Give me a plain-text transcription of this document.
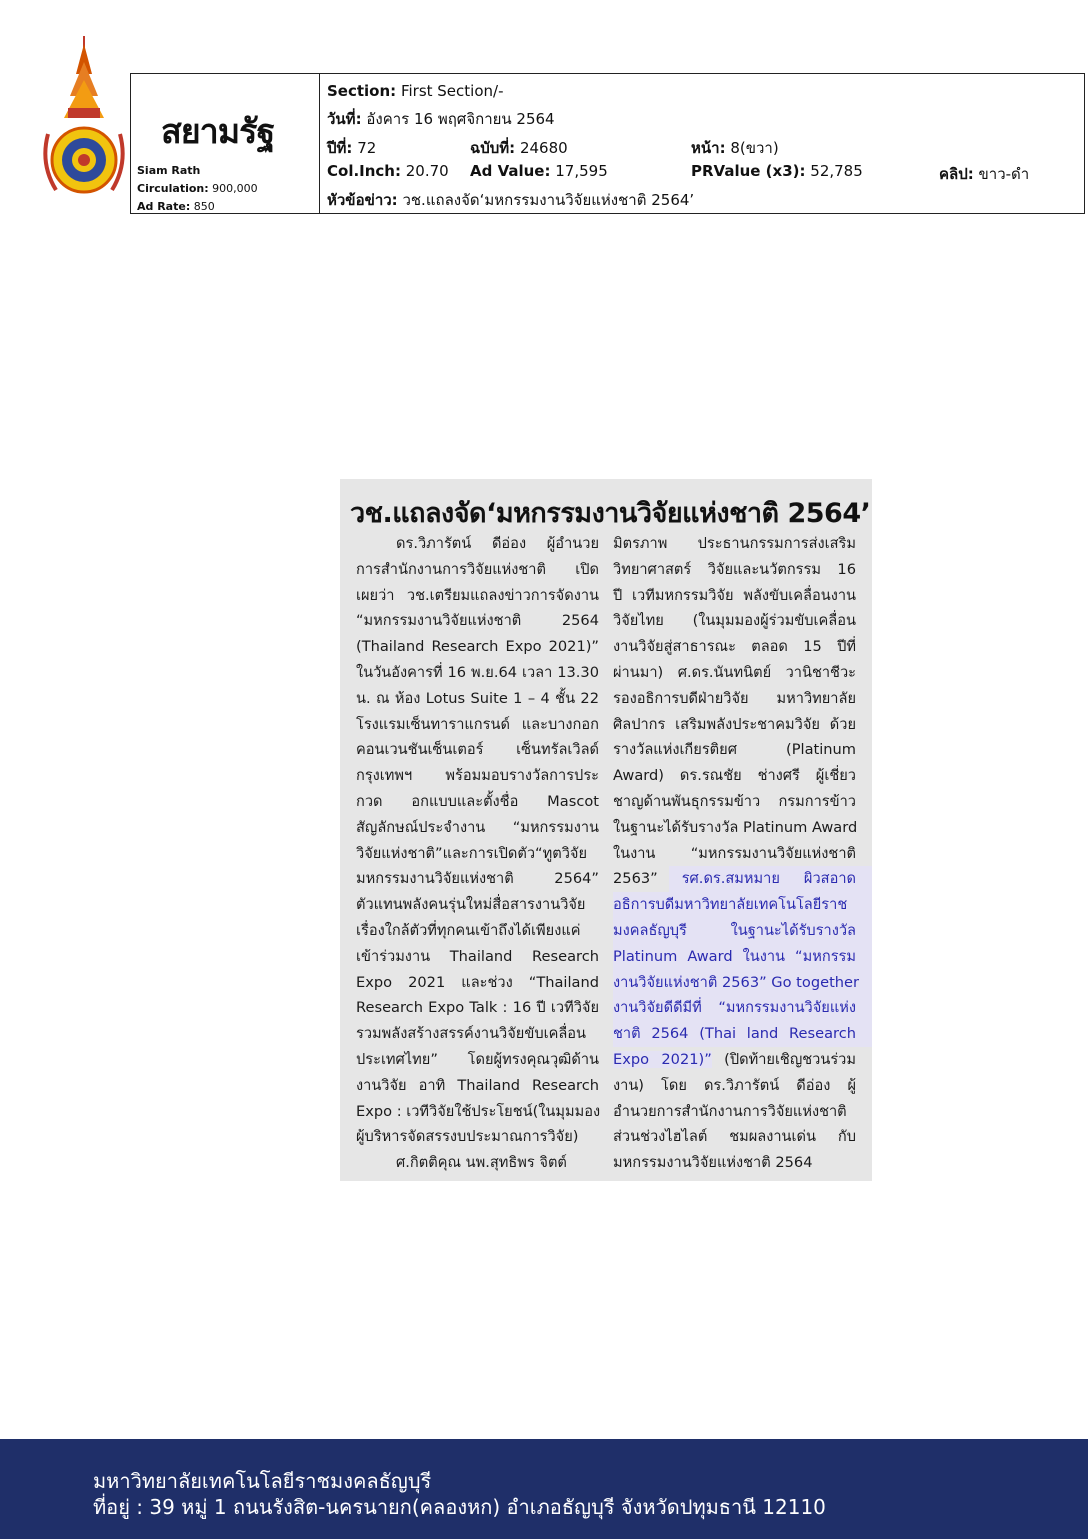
สยามรัฐ
Siam Rath
Circulation: 900,000
Ad Rate: 850
Section: First Section/-
วันที่: อังคาร 16 พฤศจิกายน 2564
ปีที่: 72	ฉบับที่: 24680	หน้า: 8(ขวา)
Col.Inch: 20.70 Ad Value: 17,595	PRValue (x3): 52,785	คลิป: ขาว-ดำ
หัวข้อข่าว: วช.แถลงจัด‘มหกรรมงานวิจัยแห่งชาติ 2564’
วช.แถลงจัด‘มหกรรมงานวิจัยแห่งชาติ 2564’
ดร.วิภารัตน์ ดีอ่อง ผู้อำนวย
การสำนักงานการวิจัยแห่งชาติ เปิด
เผยว่า วช.เตรียมแถลงข่าวการจัดงาน
“มหกรรมงานวิจัยแห่งชาติ 2564
(Thailand Research Expo 2021)”
ในวันอังคารที่ 16 พ.ย.64 เวลา 13.30
น. ณ ห้อง Lotus Suite 1 – 4 ชั้น 22
โรงแรมเซ็นทาราแกรนด์ และบางกอก
คอนเวนชันเซ็นเตอร์ เซ็นทรัลเวิลด์
กรุงเทพฯ พร้อมมอบรางวัลการประ
กวด อกแบบและตั้งชื่อ Mascot
สัญลักษณ์ประจำงาน “มหกรรมงาน
วิจัยแห่งชาติ”และการเปิดตัว“ทูตวิจัย
มหกรรมงานวิจัยแห่งชาติ 2564”
ตัวแทนพลังคนรุ่นใหม่สื่อสารงานวิจัย
เรื่องใกล้ตัวที่ทุกคนเข้าถึงได้เพียงแค่
เข้าร่วมงาน Thailand Research
Expo 2021 และช่วง “Thailand
Research Expo Talk : 16 ปี เวทีวิจัย
รวมพลังสร้างสรรค์งานวิจัยขับเคลื่อน
ประเทศไทย” โดยผู้ทรงคุณวุฒิด้าน
งานวิจัย อาทิ Thailand Research
Expo : เวทีวิจัยใช้ประโยชน์(ในมุมมอง
ผู้บริหารจัดสรรงบประมาณการวิจัย)
ศ.กิตติคุณ นพ.สุทธิพร จิตต์
มิตรภาพ ประธานกรรมการส่งเสริม
วิทยาศาสตร์ วิจัยและนวัตกรรม 16
ปี เวทีมหกรรมวิจัย พลังขับเคลื่อนงาน
วิจัยไทย (ในมุมมองผู้ร่วมขับเคลื่อน
งานวิจัยสู่สาธารณะ ตลอด 15 ปีที่
ผ่านมา) ศ.ดร.นันทนิตย์ วานิชาชีวะ
รองอธิการบดีฝ่ายวิจัย มหาวิทยาลัย
ศิลปากร เสริมพลังประชาคมวิจัย ด้วย
รางวัลแห่งเกียรติยศ (Platinum
Award) ดร.รณชัย ช่างศรี ผู้เชี่ยว
ชาญด้านพันธุกรรมข้าว กรมการข้าว
ในฐานะได้รับรางวัล Platinum Award
ในงาน “มหกรรมงานวิจัยแห่งชาติ
2563” รศ.ดร.สมหมาย ผิวสอาด
อธิการบดีมหาวิทยาลัยเทคโนโลยีราช
มงคลธัญบุรี ในฐานะได้รับรางวัล
Platinum Award ในงาน “มหกรรม
งานวิจัยแห่งชาติ 2563” Go together
งานวิจัยดีดีมีที่ “มหกรรมงานวิจัยแห่ง
ชาติ 2564 (Thai land Research
Expo 2021)” (ปิดท้ายเชิญชวนร่วม
งาน) โดย ดร.วิภารัตน์ ดีอ่อง ผู้
อำนวยการสำนักงานการวิจัยแห่งชาติ
ส่วนช่วงไฮไลต์ ชมผลงานเด่น กับ
มหกรรมงานวิจัยแห่งชาติ 2564
มหาวิทยาลัยเทคโนโลยีราชมงคลธัญบุรี
ที่อยู่ : 39 หมู่ 1 ถนนรังสิต-นครนายก(คลองหก) อำเภอธัญบุรี จังหวัดปทุมธานี 12110
